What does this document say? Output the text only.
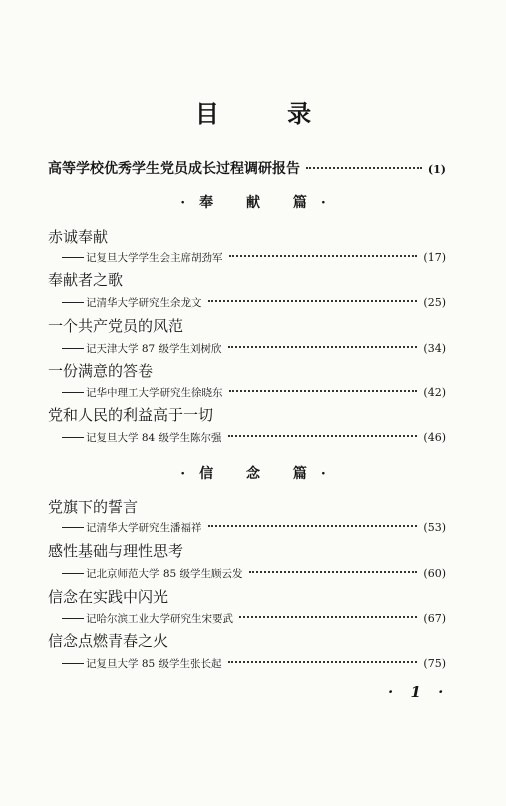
目 录
高等学校优秀学生党员成长过程调研报告	(1)
·奉 献 篇·
赤诚奉献
记复旦大学学生会主席胡劲军	(17)
奉献者之歌
记清华大学研究生余龙文	(25)
一个共产党员的风范
记天津大学 87 级学生刘树欣	(34)
一份满意的答卷
记华中理工大学研究生徐晓东	(42)
党和人民的利益高于一切
记复旦大学 84 级学生陈尔强	(46)
·信 念 篇·
党旗下的誓言
记清华大学研究生潘福祥	(53)
感性基础与理性思考
记北京师范大学 85 级学生顾云发	(60)
信念在实践中闪光
记哈尔滨工业大学研究生宋要武	(67)
信念点燃青春之火
记复旦大学 85 级学生张长起	(75)
· 1 ·
